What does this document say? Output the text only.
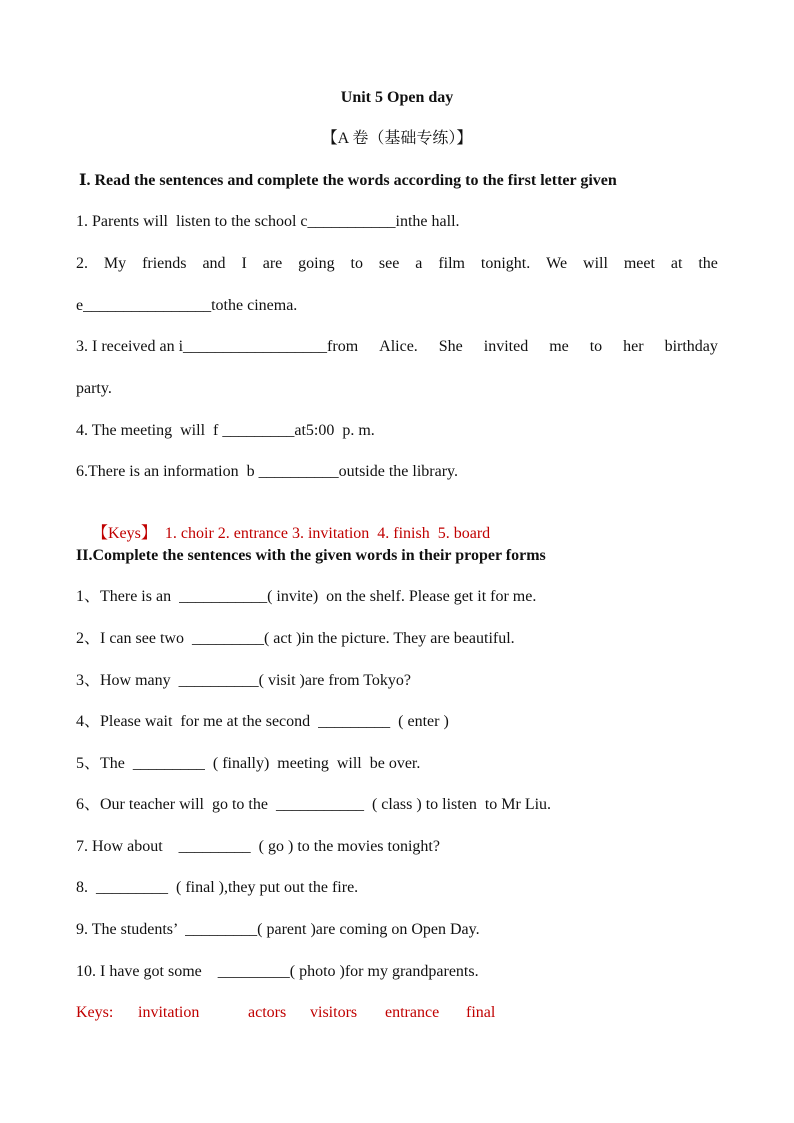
Unit 5 Open day
【A 卷（基础专练）】
Ⅰ. Read the sentences and complete the words according to the first letter given
1. Parents will  listen to the school c___________inthe hall.
2. My friends and I are going to see a film tonight. We will meet at the
e________________tothe cinema.
3. I received an i__________________from Alice. She invited me to her birthday
party.
4. The meeting  will  f _________at5:00  p. m.
6.There is an information  b __________outside the library.

【Keys】  1. choir 2. entrance 3. invitation  4. finish  5. board

II.Complete the sentences with the given words in their proper forms
1、There is an  ___________( invite)  on the shelf. Please get it for me.
2、I can see two  _________( act )in the picture. They are beautiful.
3、How many  __________( visit )are from Tokyo?
4、Please wait  for me at the second  _________  ( enter )
5、The  _________  ( finally)  meeting  will  be over.
6、Our teacher will  go to the  ___________  ( class ) to listen  to Mr Liu.
7. How about    _________  ( go ) to the movies tonight?
8.  _________  ( final ),they put out the fire.
9. The students’  _________( parent )are coming on Open Day.
10. I have got some    _________( photo )for my grandparents.
Keys:	invitation	actors	visitors	entrance	final
